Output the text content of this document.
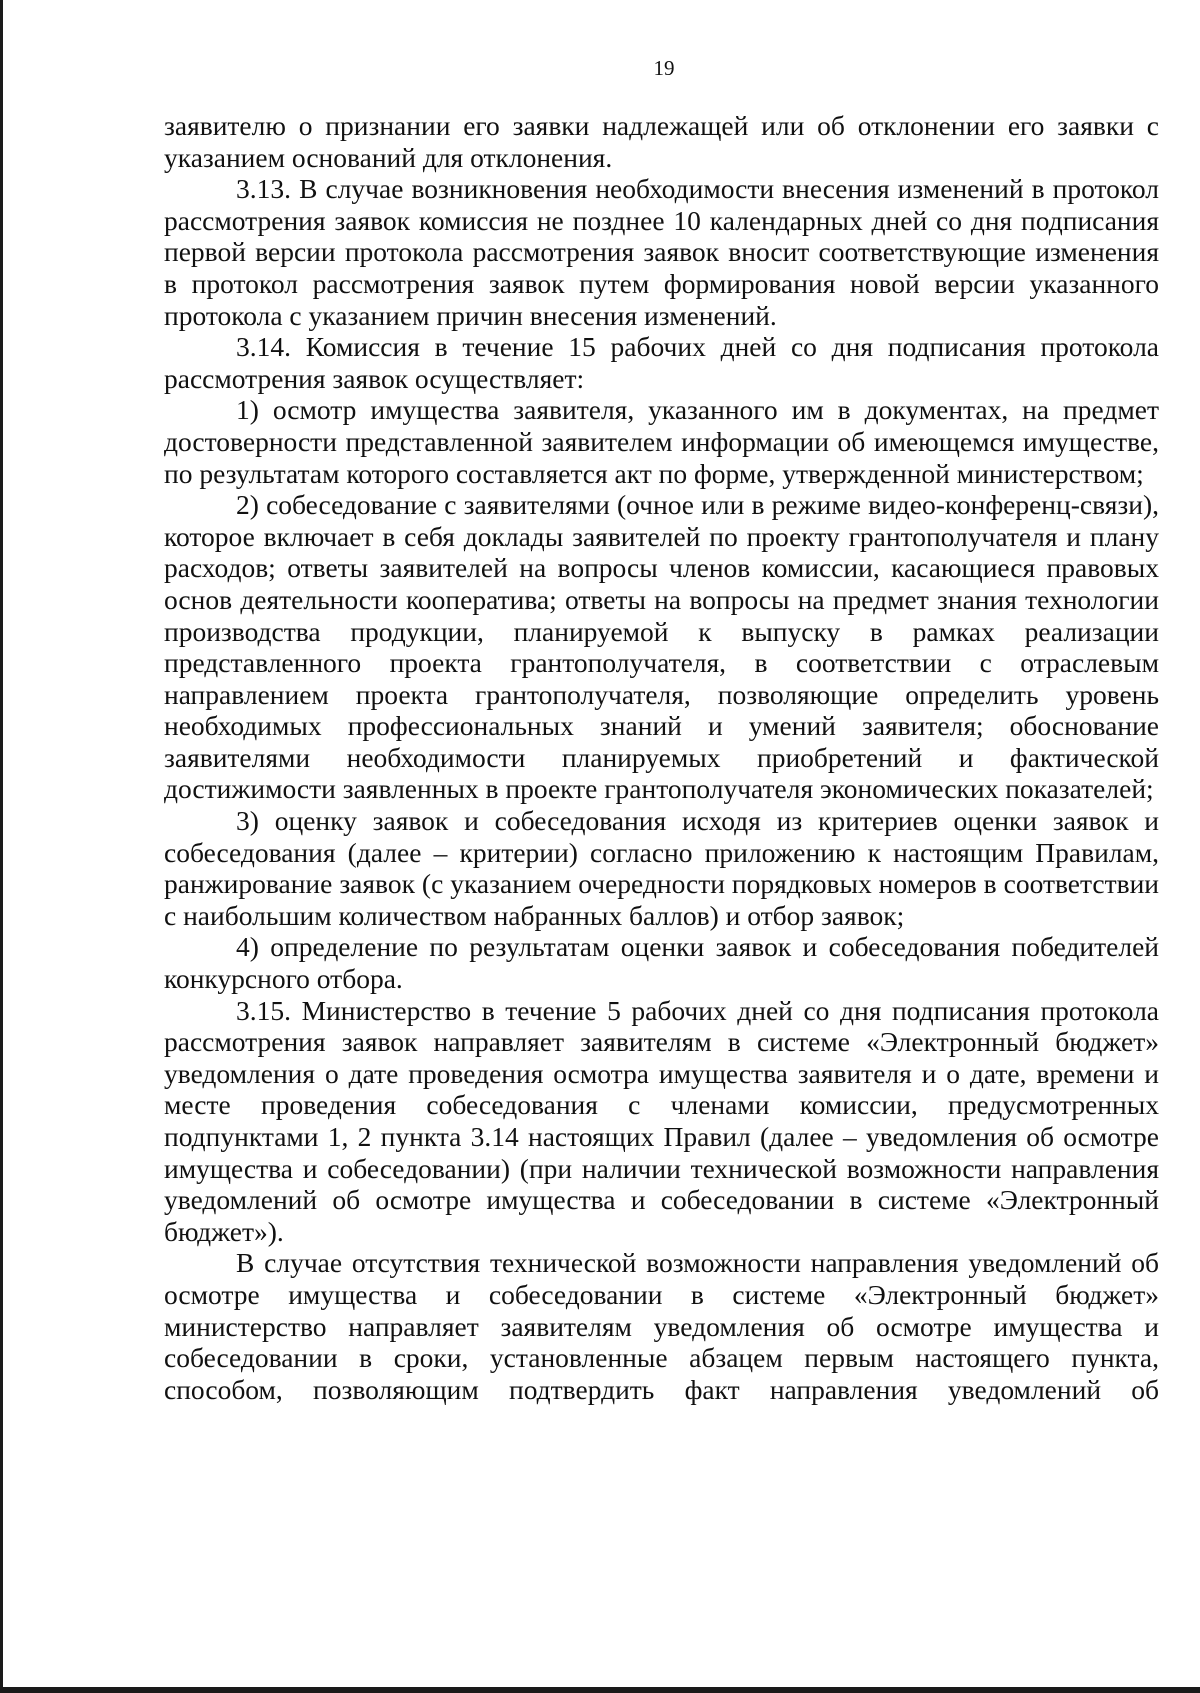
19

заявителю о признании его заявки надлежащей или об отклонении его заявки с указанием оснований для отклонения.

3.13. В случае возникновения необходимости внесения изменений в протокол рассмотрения заявок комиссия не позднее 10 календарных дней со дня подписания первой версии протокола рассмотрения заявок вносит соответствующие изменения в протокол рассмотрения заявок путем формирования новой версии указанного протокола с указанием причин внесения изменений.

3.14. Комиссия в течение 15 рабочих дней со дня подписания протокола рассмотрения заявок осуществляет:

1) осмотр имущества заявителя, указанного им в документах, на предмет достоверности представленной заявителем информации об имеющемся имуществе, по результатам которого составляется акт по форме, утвержденной министерством;

2) собеседование с заявителями (очное или в режиме видео-конференц-связи), которое включает в себя доклады заявителей по проекту грантополучателя и плану расходов; ответы заявителей на вопросы членов комиссии, касающиеся правовых основ деятельности кооператива; ответы на вопросы на предмет знания технологии производства продукции, планируемой к выпуску в рамках реализации представленного проекта грантополучателя, в соответствии с отраслевым направлением проекта грантополучателя, позволяющие определить уровень необходимых профессиональных знаний и умений заявителя; обоснование заявителями необходимости планируемых приобретений и фактической достижимости заявленных в проекте грантополучателя экономических показателей;

3) оценку заявок и собеседования исходя из критериев оценки заявок и собеседования (далее – критерии) согласно приложению к настоящим Правилам, ранжирование заявок (с указанием очередности порядковых номеров в соответствии с наибольшим количеством набранных баллов) и отбор заявок;

4) определение по результатам оценки заявок и собеседования победителей конкурсного отбора.

3.15. Министерство в течение 5 рабочих дней со дня подписания протокола рассмотрения заявок направляет заявителям в системе «Электронный бюджет» уведомления о дате проведения осмотра имущества заявителя и о дате, времени и месте проведения собеседования с членами комиссии, предусмотренных подпунктами 1, 2 пункта 3.14 настоящих Правил (далее – уведомления об осмотре имущества и собеседовании) (при наличии технической возможности направления уведомлений об осмотре имущества и собеседовании в системе «Электронный бюджет»).

В случае отсутствия технической возможности направления уведомлений об осмотре имущества и собеседовании в системе «Электронный бюджет» министерство направляет заявителям уведомления об осмотре имущества и собеседовании в сроки, установленные абзацем первым настоящего пункта, способом, позволяющим подтвердить факт направления уведомлений об
